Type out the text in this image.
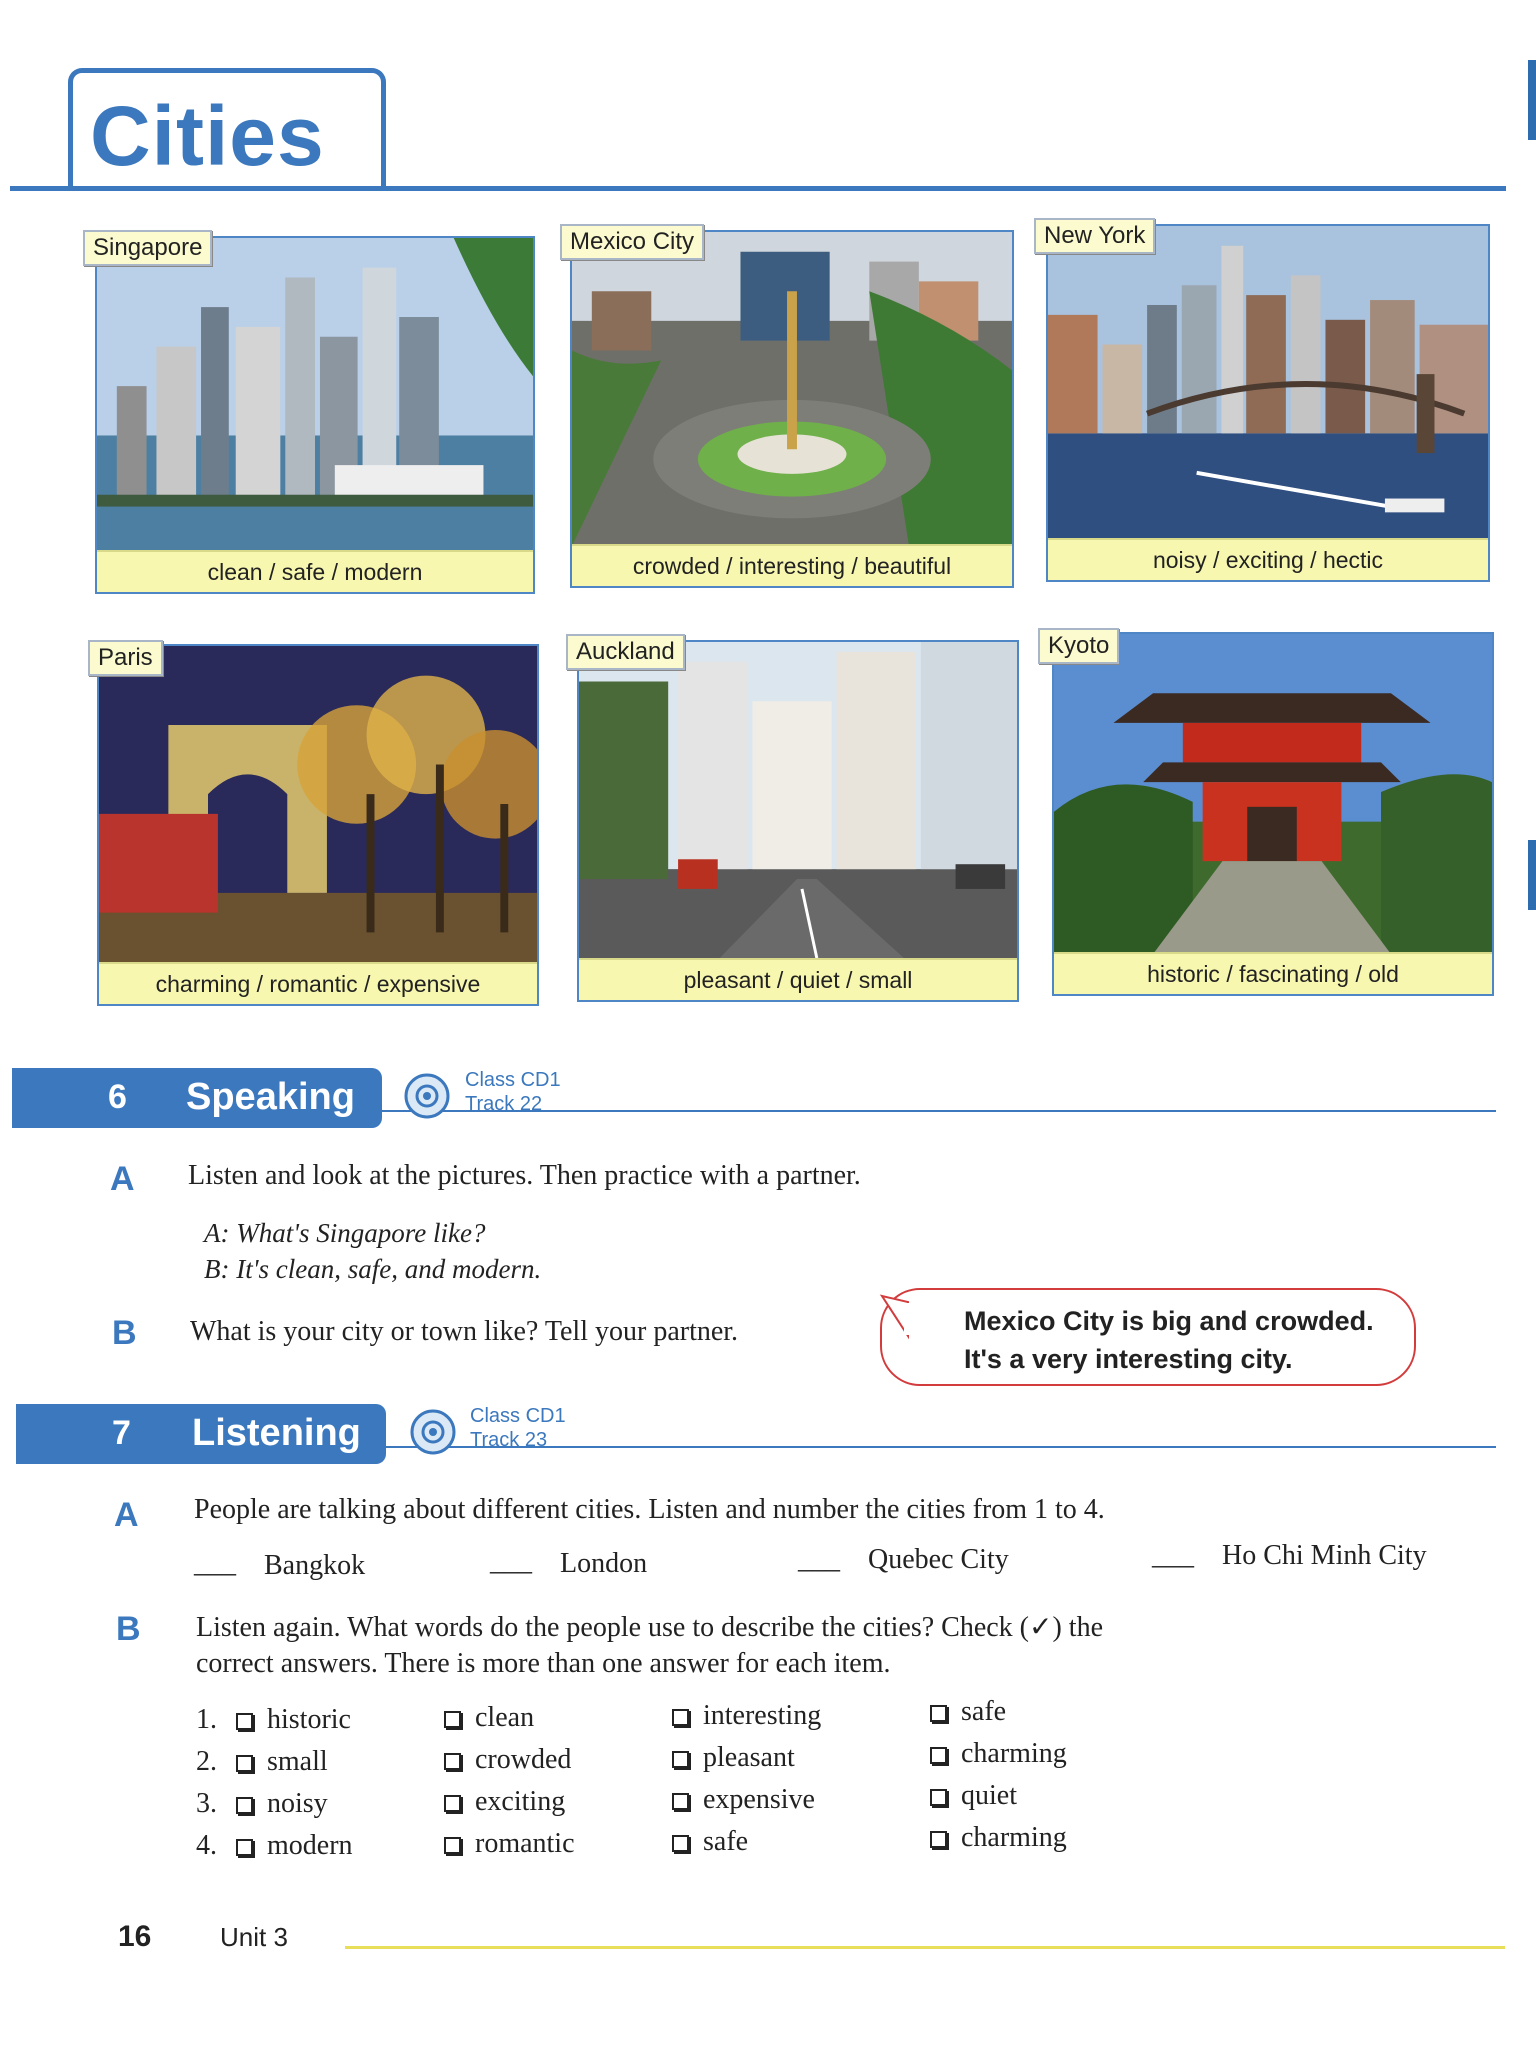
Cities
clean / safe / modern
Singapore
crowded / interesting / beautiful
Mexico City
noisy / exciting / hectic
New York
charming / romantic / expensive
Paris
pleasant / quiet / small
Auckland
historic / fascinating / old
Kyoto
6 Speaking	Class CD1
Track 22
A Listen and look at the pictures. Then practice with a partner.
A: What's Singapore like?
B: It's clean, safe, and modern.
B What is your city or town like? Tell your partner.	Mexico City is big and crowded.
It's a very interesting city.
7 Listening	Class CD1
Track 23
A People are talking about different cities. Listen and number the cities from 1 to 4.
___ Bangkok	___ London	___ Quebec City	___ Ho Chi Minh City
B Listen again. What words do the people use to describe the cities? Check (✓) the
correct answers. There is more than one answer for each item.
1.	historic	clean	interesting	safe
2.	small	crowded	pleasant	charming
3.	noisy	exciting	expensive	quiet
4.	modern	romantic	safe	charming
16	Unit 3
